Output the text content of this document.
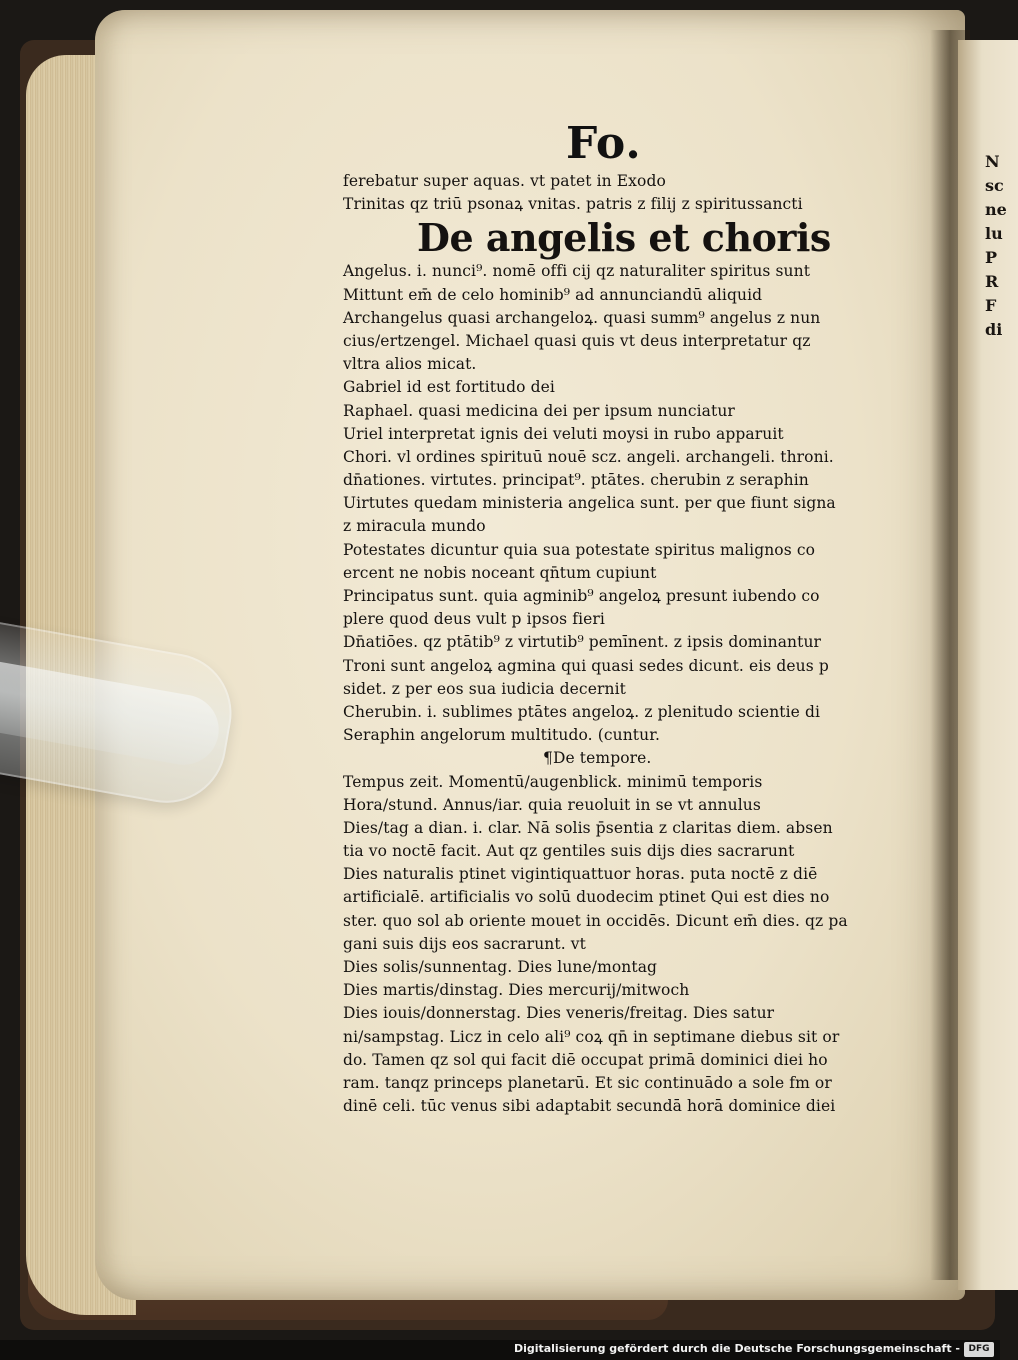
N
sc
ne
lu
P
R
F
di
Fo.
ferebatur super aquas. vt patet in Exodo
Trinitas qz triū psonaꝝ vnitas. patris z filij z spiritussancti
De angelis et choris
Angelus. i. nunci⁹. nomē offi cij qz naturaliter spiritus sunt
Mittunt em̄ de celo hominib⁹ ad annunciandū aliquid
Archangelus quasi archangeloꝝ. quasi summ⁹ angelus z nun
cius/ertzengel. Michael quasi quis vt deus interpretatur qz
vltra alios micat.
Gabriel id est fortitudo dei
Raphael. quasi medicina dei per ipsum nunciatur
Uriel interpretat ignis dei veluti moysi in rubo apparuit
Chori. vl ordines spirituū nouē scz. angeli. archangeli. throni.
dn̄ationes. virtutes. principat⁹. ptātes. cherubin z seraphin
Uirtutes quedam ministeria angelica sunt. per que fiunt signa
z miracula mundo
Potestates dicuntur quia sua potestate spiritus malignos co
ercent ne nobis noceant qn̄tum cupiunt
Principatus sunt. quia agminib⁹ angeloꝝ presunt iubendo co
plere quod deus vult p ipsos fieri
Dn̄atiōes. qz ptātib⁹ z virtutib⁹ pemīnent. z ipsis dominantur
Troni sunt angeloꝝ agmina qui quasi sedes dicunt. eis deus p
sidet. z per eos sua iudicia decernit
Cherubin. i. sublimes ptātes angeloꝝ. z plenitudo scientie di
Seraphin angelorum multitudo. (cuntur.
¶De tempore.
Tempus zeit. Momentū/augenblick. minimū temporis
Hora/stund. Annus/iar. quia reuoluit in se vt annulus
Dies/tag a dian. i. clar. Nā solis p̄sentia z claritas diem. absen
tia vo noctē facit. Aut qz gentiles suis dijs dies sacrarunt
Dies naturalis ptinet vigintiquattuor horas. puta noctē z diē
artificialē. artificialis vo solū duodecim ptinet Qui est dies no
ster. quo sol ab oriente mouet in occidēs. Dicunt em̄ dies. qz pa
gani suis dijs eos sacrarunt. vt
Dies solis/sunnentag. Dies lune/montag
Dies martis/dinstag. Dies mercurij/mitwoch
Dies iouis/donnerstag. Dies veneris/freitag. Dies satur
ni/sampstag. Licz in celo ali⁹ coꝝ qn̄ in septimane diebus sit or
do. Tamen qz sol qui facit diē occupat primā dominici diei ho
ram. tanqz princeps planetarū. Et sic continuādo a sole fm or
dinē celi. tūc venus sibi adaptabit secundā horā dominice diei
Digitalisierung gefördert durch die Deutsche Forschungsgemeinschaft - DFG
